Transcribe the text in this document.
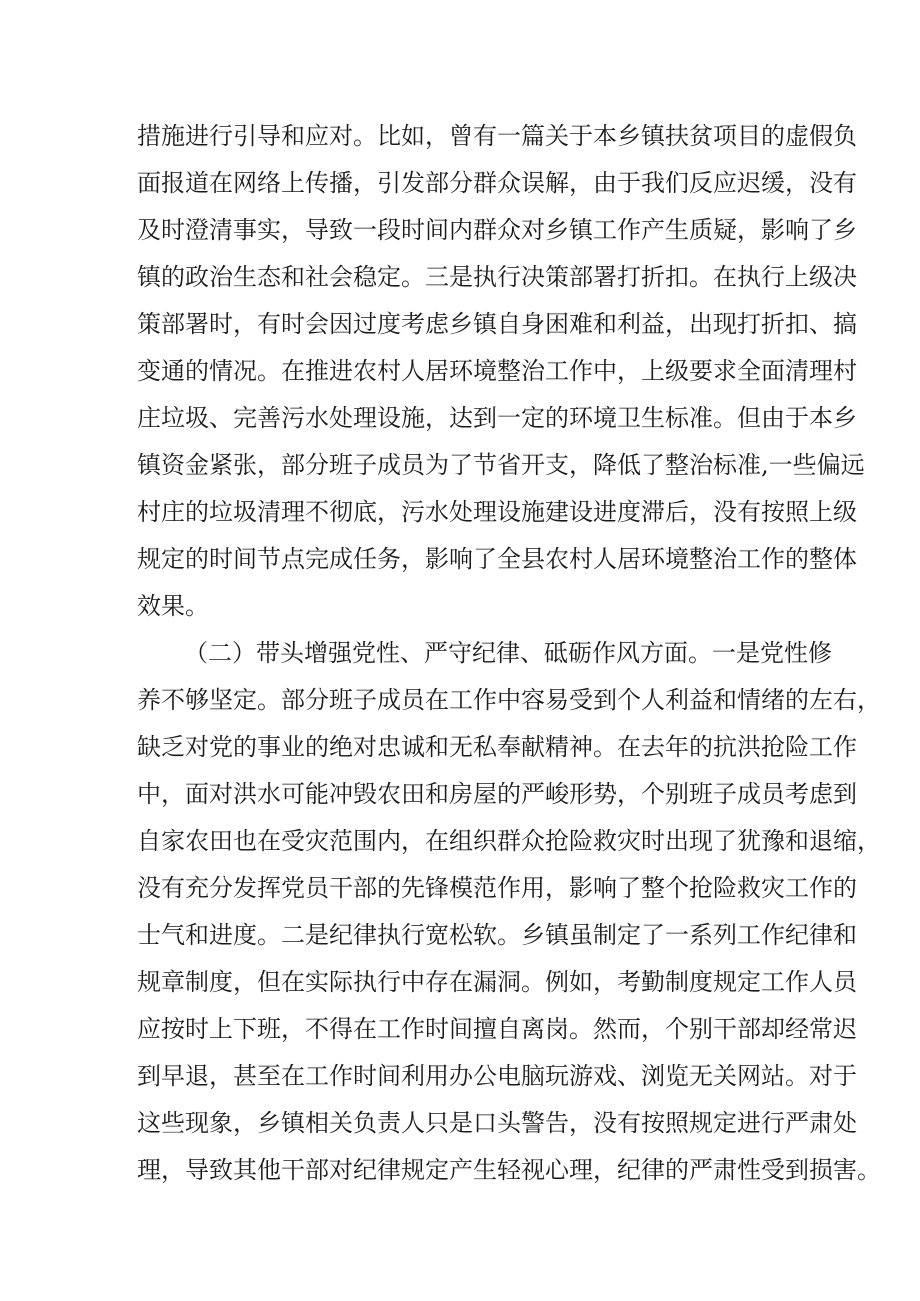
措施进行引导和应对。比如，曾有一篇关于本乡镇扶贫项目的虚假负
面报道在网络上传播，引发部分群众误解，由于我们反应迟缓，没有
及时澄清事实，导致一段时间内群众对乡镇工作产生质疑，影响了乡
镇的政治生态和社会稳定。三是执行决策部署打折扣。在执行上级决
策部署时，有时会因过度考虑乡镇自身困难和利益，出现打折扣、搞
变通的情况。在推进农村人居环境整治工作中，上级要求全面清理村
庄垃圾、完善污水处理设施，达到一定的环境卫生标准。但由于本乡
镇资金紧张，部分班子成员为了节省开支，降低了整治标准,一些偏远
村庄的垃圾清理不彻底，污水处理设施建设进度滞后，没有按照上级
规定的时间节点完成任务，影响了全县农村人居环境整治工作的整体
效果。
（二）带头增强党性、严守纪律、砥砺作风方面。一是党性修
养不够坚定。部分班子成员在工作中容易受到个人利益和情绪的左右，
缺乏对党的事业的绝对忠诚和无私奉献精神。在去年的抗洪抢险工作
中，面对洪水可能冲毁农田和房屋的严峻形势，个别班子成员考虑到
自家农田也在受灾范围内，在组织群众抢险救灾时出现了犹豫和退缩，
没有充分发挥党员干部的先锋模范作用，影响了整个抢险救灾工作的
士气和进度。二是纪律执行宽松软。乡镇虽制定了一系列工作纪律和
规章制度，但在实际执行中存在漏洞。例如，考勤制度规定工作人员
应按时上下班，不得在工作时间擅自离岗。然而，个别干部却经常迟
到早退，甚至在工作时间利用办公电脑玩游戏、浏览无关网站。对于
这些现象，乡镇相关负责人只是口头警告，没有按照规定进行严肃处
理，导致其他干部对纪律规定产生轻视心理，纪律的严肃性受到损害。
